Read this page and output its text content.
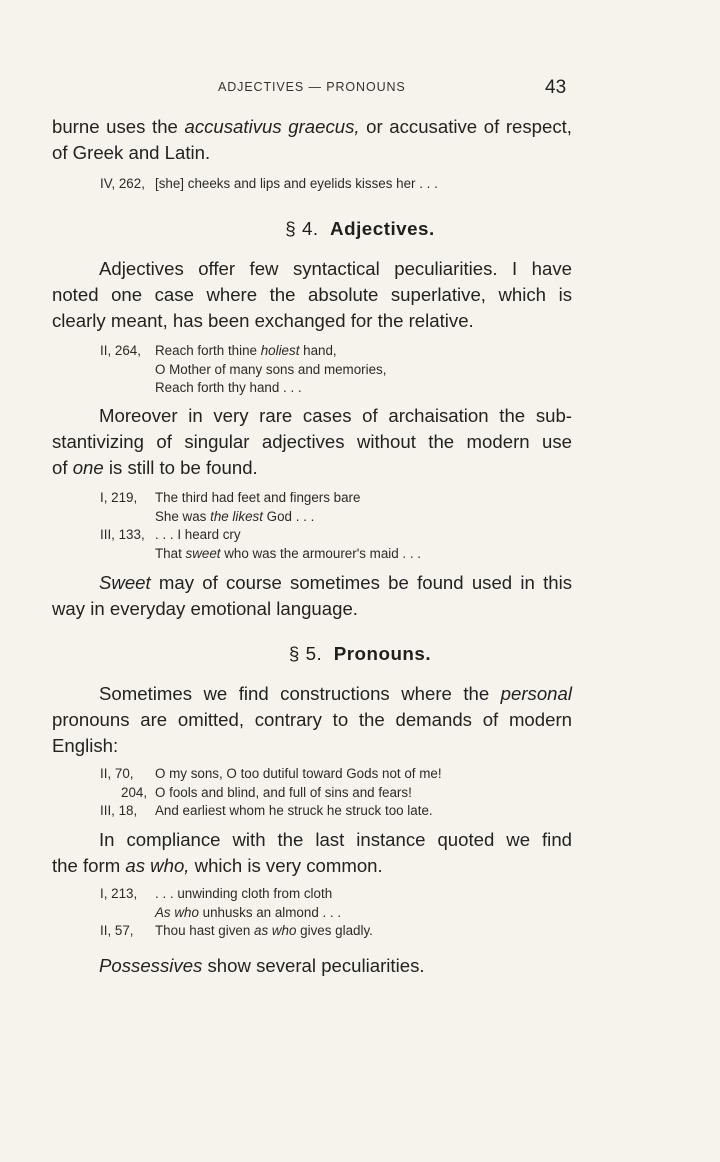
ADJECTIVES — PRONOUNS	43
burne uses the accusativus graecus, or accusative of respect,
of Greek and Latin.
IV, 262, [she] cheeks and lips and eyelids kisses her . . .
§ 4. Adjectives.
Adjectives offer few syntactical peculiarities. I have
noted one case where the absolute superlative, which is
clearly meant, has been exchanged for the relative.
II, 264, Reach forth thine holiest hand,
O Mother of many sons and memories,
Reach forth thy hand . . .
Moreover in very rare cases of archaisation the sub-
stantivizing of singular adjectives without the modern use
of one is still to be found.
I, 219, The third had feet and fingers bare
She was the likest God . . .
III, 133, . . . I heard cry
That sweet who was the armourer's maid . . .
Sweet may of course sometimes be found used in this
way in everyday emotional language.
§ 5. Pronouns.
Sometimes we find constructions where the personal
pronouns are omitted, contrary to the demands of modern
English:
II, 70, O my sons, O too dutiful toward Gods not of me!
204, O fools and blind, and full of sins and fears!
III, 18, And earliest whom he struck he struck too late.
In compliance with the last instance quoted we find
the form as who, which is very common.
I, 213, . . . unwinding cloth from cloth
As who unhusks an almond . . .
II, 57, Thou hast given as who gives gladly.
Possessives show several peculiarities.
